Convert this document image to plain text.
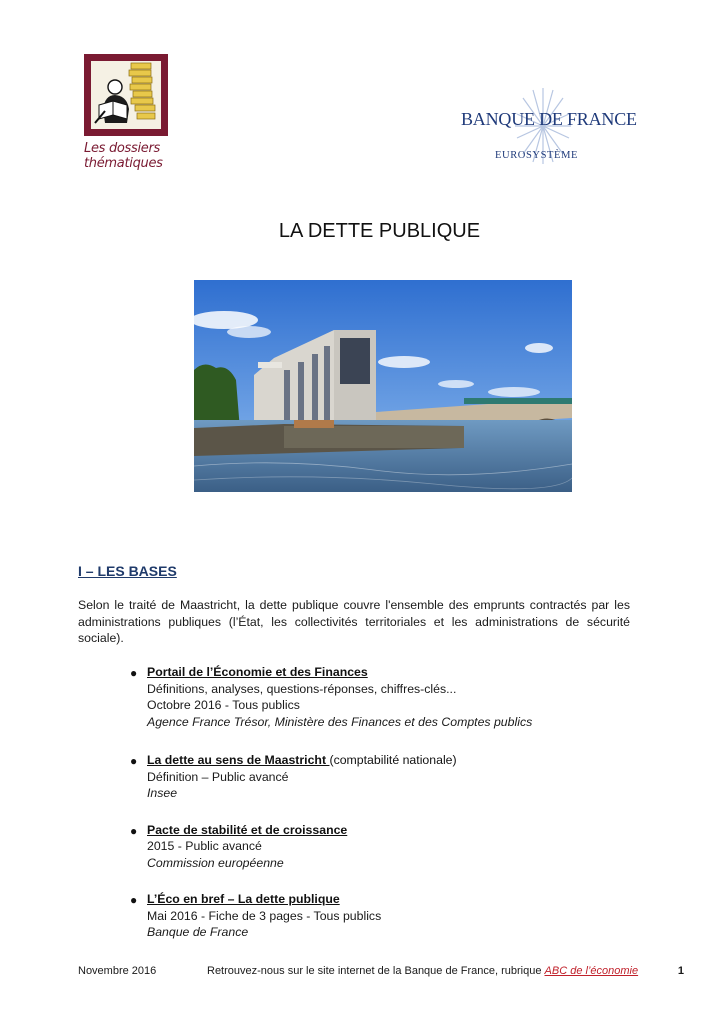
Les dossiers
thématiques
BANQUE DE FRANCE
EUROSYSTÈME
LA DETTE PUBLIQUE
I – LES BASES

Selon le traité de Maastricht, la dette publique couvre l'ensemble des emprunts contractés par les administrations publiques (l’État, les collectivités territoriales et les administrations de sécurité sociale).

● Portail de l’Économie et des Finances
Définitions, analyses, questions-réponses, chiffres-clés...
Octobre 2016 - Tous publics
Agence France Trésor, Ministère des Finances et des Comptes publics
● La dette au sens de Maastricht (comptabilité nationale)
Définition – Public avancé
Insee
● Pacte de stabilité et de croissance
2015 - Public avancé
Commission européenne
● L’Éco en bref – La dette publique
Mai 2016 - Fiche de 3 pages - Tous publics
Banque de France
Novembre 2016	Retrouvez-nous sur le site internet de la Banque de France, rubrique ABC de l’économie	1
